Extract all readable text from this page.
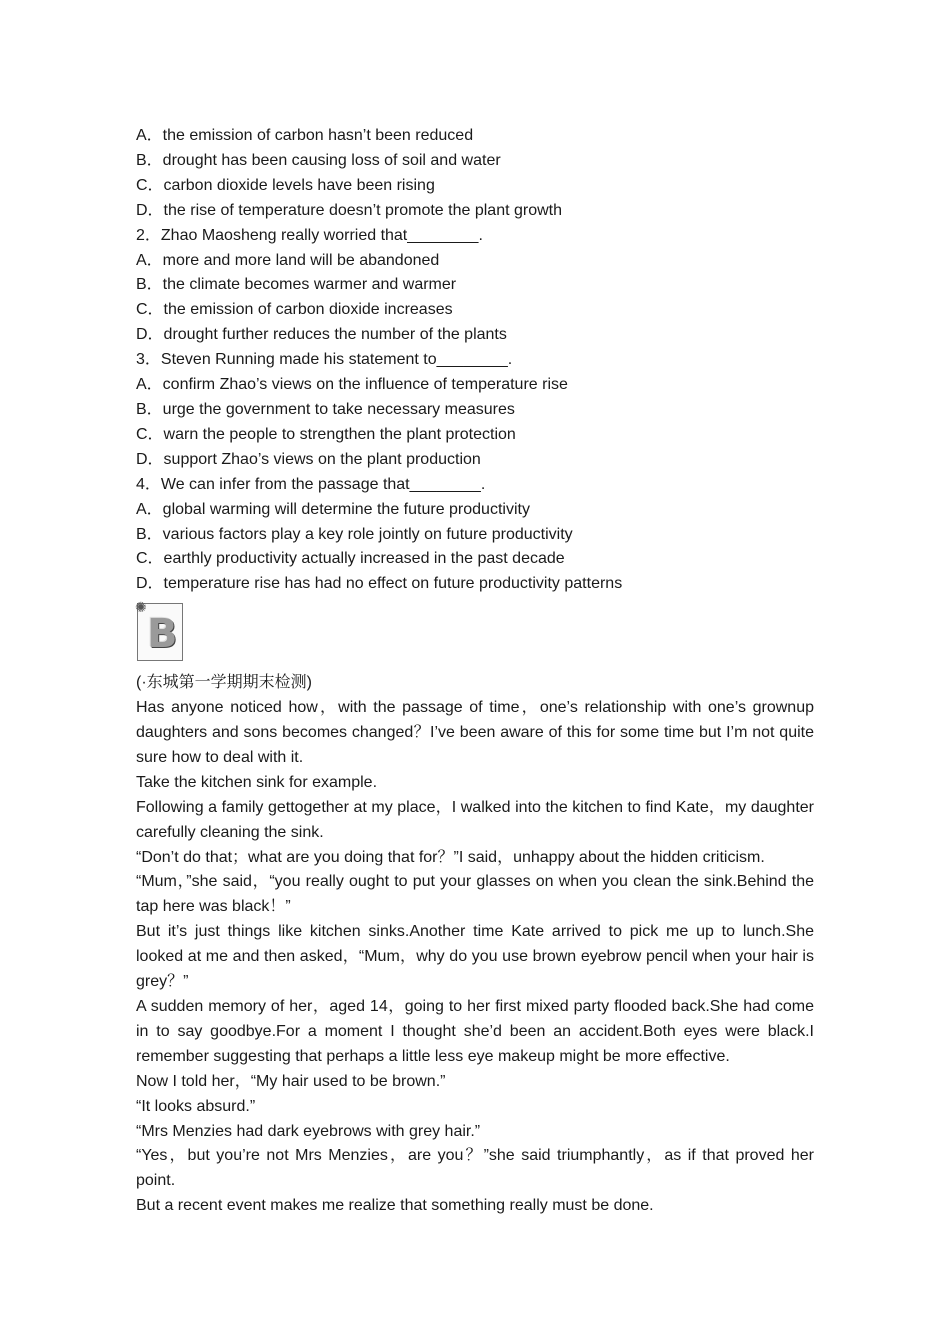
A．the emission of carbon hasn’t been reduced

B．drought has been causing loss of soil and water

C．carbon dioxide levels have been rising

D．the rise of temperature doesn’t promote the plant growth

2．Zhao Maosheng really worried that________.

A．more and more land will be abandoned

B．the climate becomes warmer and warmer

C．the emission of carbon dioxide increases

D．drought further reduces the number of the plants

3．Steven Running made his statement to________.

A．confirm Zhao’s views on the influence of temperature rise

B．urge the government to take necessary measures

C．warn the people to strengthen the plant protection

D．support Zhao’s views on the plant production

4．We can infer from the passage that________.

A．global warming will determine the future productivity

B．various factors play a key role jointly on future productivity

C．earthly productivity actually increased in the past decade

D．temperature rise has had no effect on future productivity patterns

✺
B

(·东城第一学期期末检测)

Has anyone noticed how，with the passage of time，one’s relationship with one’s grownup daughters and sons becomes changed？I’ve been aware of this for some time but I’m not quite sure how to deal with it.

Take the kitchen sink for example.

Following a family gettogether at my place，I walked into the kitchen to find Kate，my daughter carefully cleaning the sink.

“Don’t do that；what are you doing that for？”I said，unhappy about the hidden criticism.

“Mum，”she said，“you really ought to put your glasses on when you clean the sink.Behind the tap here was black！”

But it’s just things like kitchen sinks.Another time Kate arrived to pick me up to lunch.She looked at me and then asked，“Mum，why do you use brown eyebrow pencil when your hair is grey？”

A sudden memory of her，aged 14，going to her first mixed party flooded back.She had come in to say goodbye.For a moment I thought she’d been an accident.Both eyes were black.I remember suggesting that perhaps a little less eye makeup might be more effective.

Now I told her，“My hair used to be brown.”

“It looks absurd.”

“Mrs Menzies had dark eyebrows with grey hair.”

“Yes，but you’re not Mrs Menzies，are you？”she said triumphantly，as if that proved her point.

But a recent event makes me realize that something really must be done.
